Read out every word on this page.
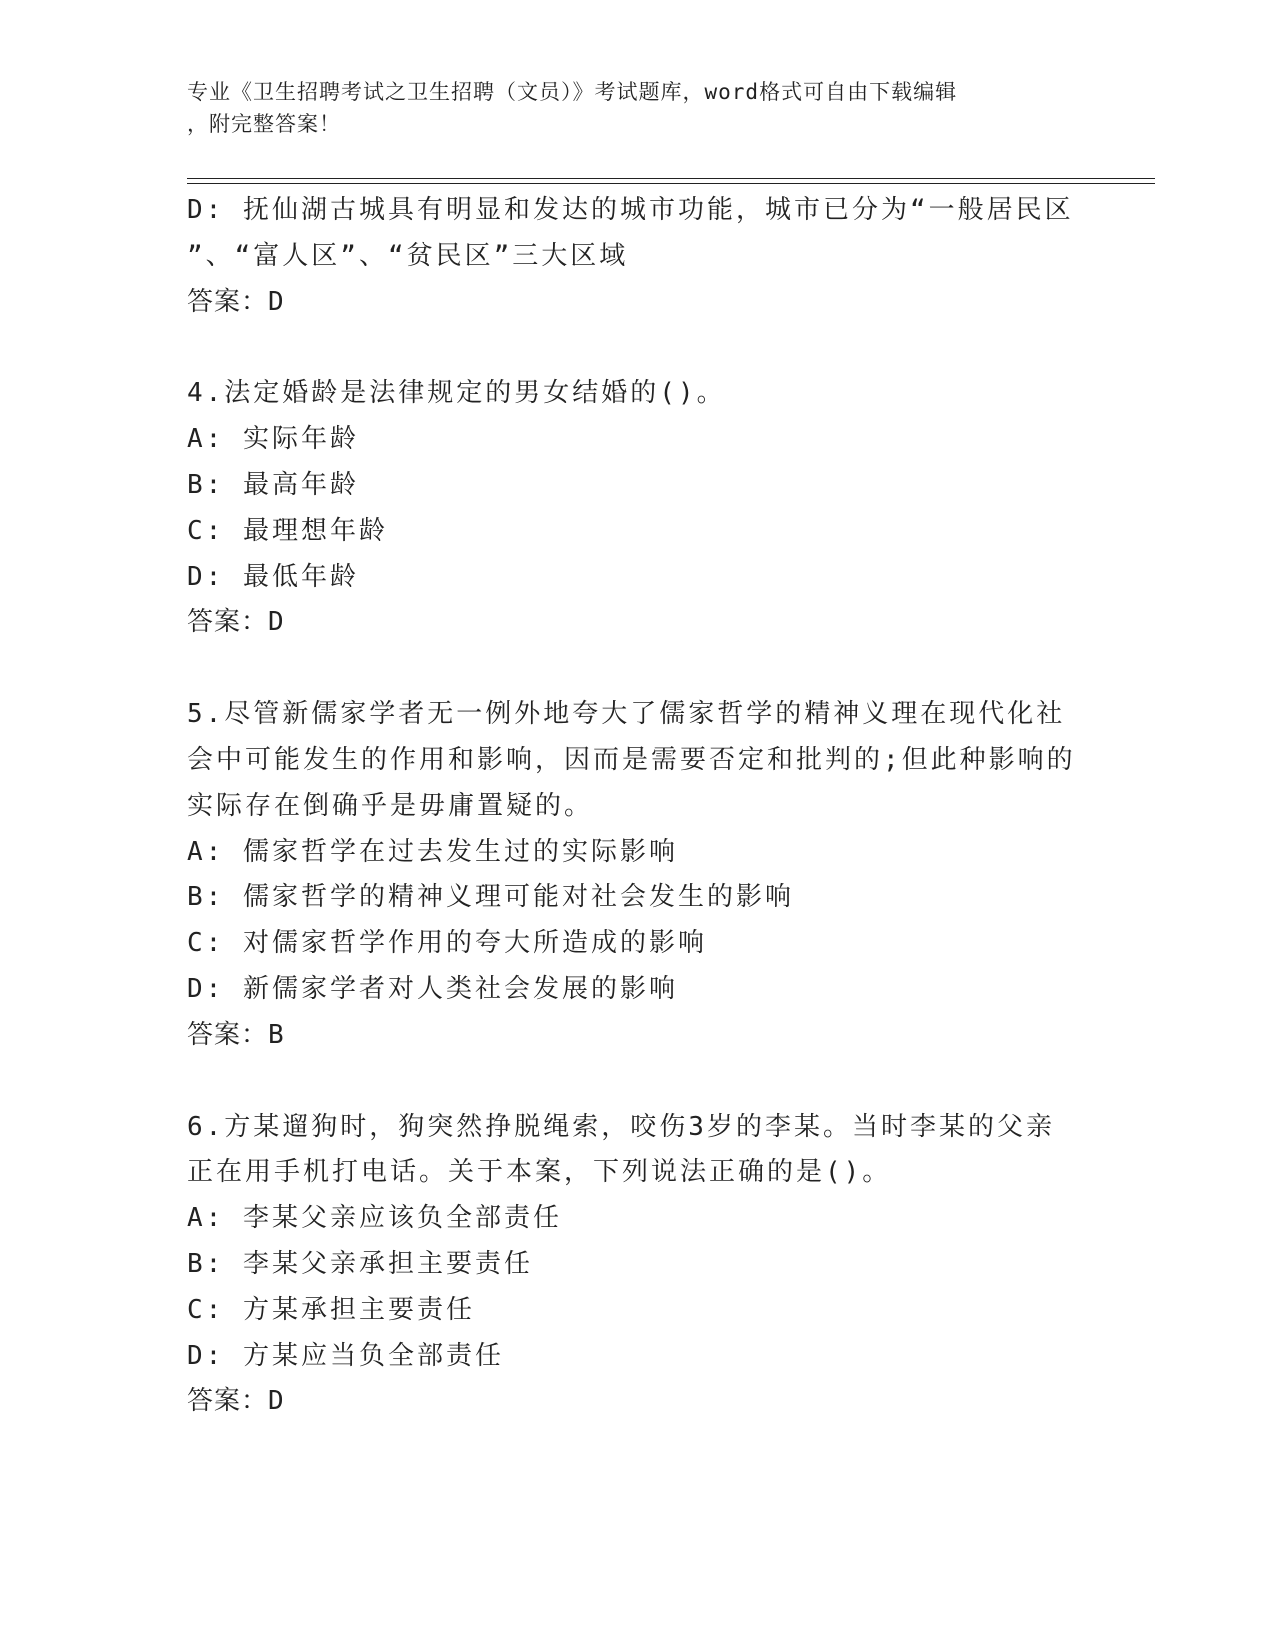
专业《卫生招聘考试之卫生招聘（文员）》考试题库，word格式可自由下载编辑
，附完整答案！
D: 抚仙湖古城具有明显和发达的城市功能，城市已分为“一般居民区
”、“富人区”、“贫民区”三大区域
答案：D
4.法定婚龄是法律规定的男女结婚的()。
A: 实际年龄
B: 最高年龄
C: 最理想年龄
D: 最低年龄
答案：D
5.尽管新儒家学者无一例外地夸大了儒家哲学的精神义理在现代化社
会中可能发生的作用和影响，因而是需要否定和批判的;但此种影响的
实际存在倒确乎是毋庸置疑的。
A: 儒家哲学在过去发生过的实际影响
B: 儒家哲学的精神义理可能对社会发生的影响
C: 对儒家哲学作用的夸大所造成的影响
D: 新儒家学者对人类社会发展的影响
答案：B
6.方某遛狗时，狗突然挣脱绳索，咬伤3岁的李某。当时李某的父亲
正在用手机打电话。关于本案，下列说法正确的是()。
A: 李某父亲应该负全部责任
B: 李某父亲承担主要责任
C: 方某承担主要责任
D: 方某应当负全部责任
答案：D
